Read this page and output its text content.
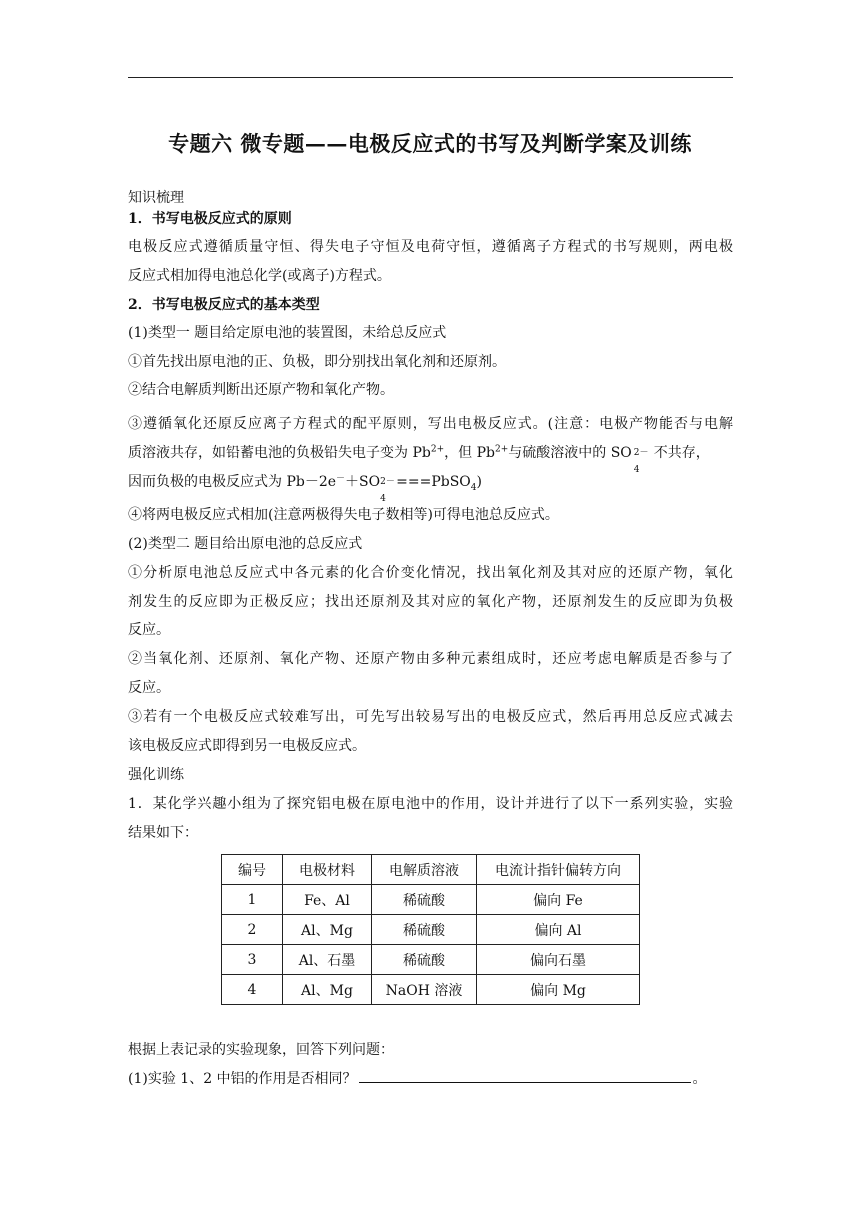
专题六 微专题——电极反应式的书写及判断学案及训练
知识梳理
1．书写电极反应式的原则
电极反应式遵循质量守恒、得失电子守恒及电荷守恒，遵循离子方程式的书写规则，两电极
反应式相加得电池总化学(或离子)方程式。
2．书写电极反应式的基本类型
(1)类型一 题目给定原电池的装置图，未给总反应式
①首先找出原电池的正、负极，即分别找出氧化剂和还原剂。
②结合电解质判断出还原产物和氧化产物。
③遵循氧化还原反应离子方程式的配平原则，写出电极反应式。(注意：电极产物能否与电解
质溶液共存，如铅蓄电池的负极铅失电子变为 $Pb^{2+}$，但 $Pb^{2+}$与硫酸溶液中的 SO 2－
4
不共存，
因而负极的电极反应式为 Pb－2e－＋SO 2－
4
===PbSO$_4$)
④将两电极反应式相加(注意两极得失电子数相等)可得电池总反应式。
(2)类型二 题目给出原电池的总反应式
①分析原电池总反应式中各元素的化合价变化情况，找出氧化剂及其对应的还原产物，氧化
剂发生的反应即为正极反应；找出还原剂及其对应的氧化产物，还原剂发生的反应即为负极
反应。
②当氧化剂、还原剂、氧化产物、还原产物由多种元素组成时，还应考虑电解质是否参与了
反应。
③若有一个电极反应式较难写出，可先写出较易写出的电极反应式，然后再用总反应式减去
该电极反应式即得到另一电极反应式。
强化训练
1．某化学兴趣小组为了探究铝电极在原电池中的作用，设计并进行了以下一系列实验，实验
结果如下：
编号	电极材料	电解质溶液	电流计指针偏转方向
1	Fe、Al	稀硫酸	偏向 Fe
2	Al、Mg	稀硫酸	偏向 Al
3	Al、石墨	稀硫酸	偏向石墨
4	Al、Mg	NaOH 溶液	偏向 Mg
根据上表记录的实验现象，回答下列问题：
(1)实验 1、2 中铝的作用是否相同？	。
